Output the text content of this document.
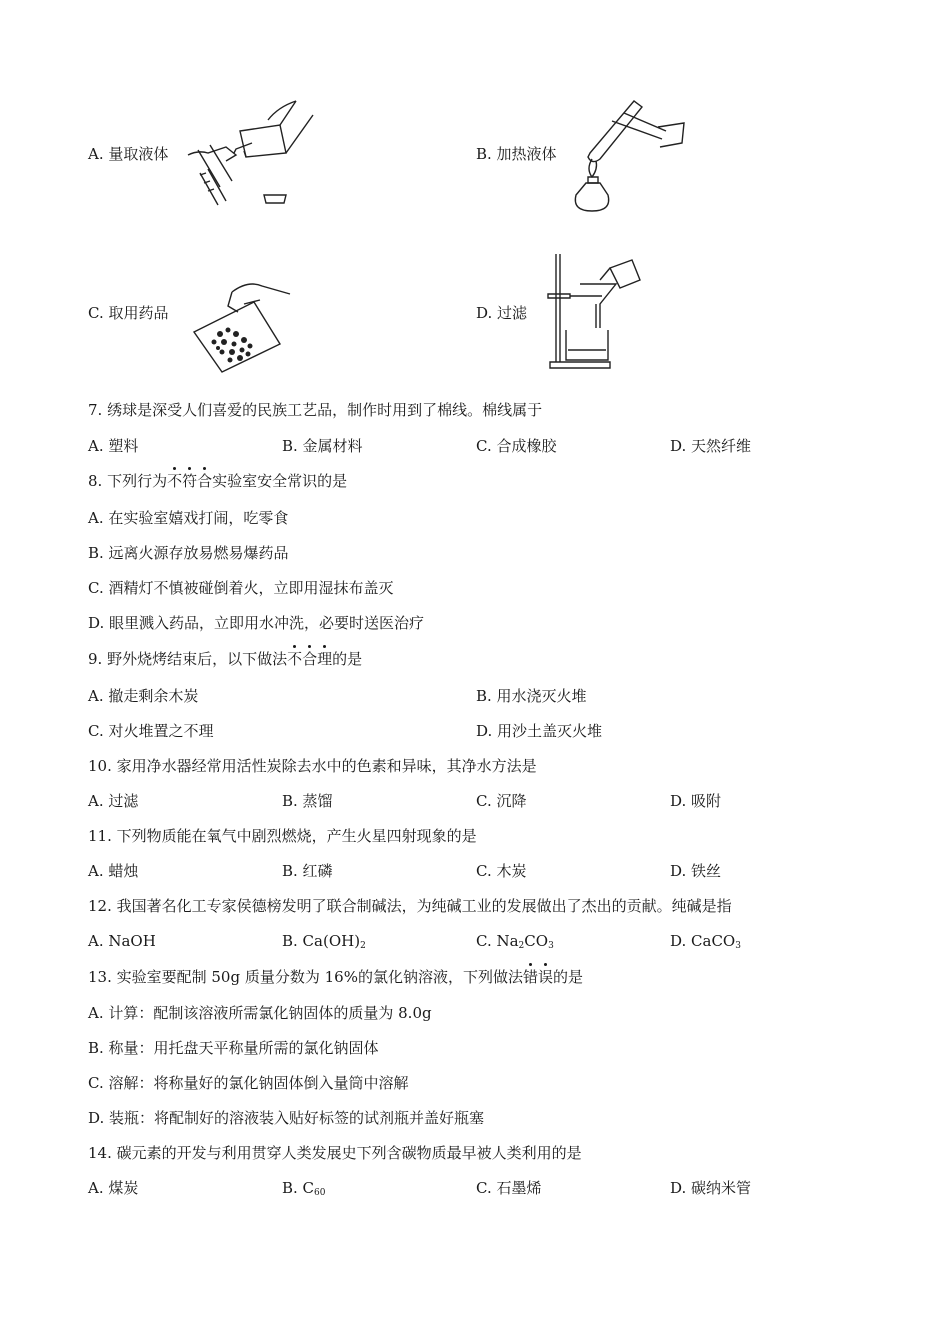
A. 量取液体	B. 加热液体
C. 取用药品	D. 过滤
7. 绣球是深受人们喜爱的民族工艺品，制作时用到了棉线。棉线属于
A. 塑料	B. 金属材料	C. 合成橡胶	D. 天然纤维
8. 下列行为不符合实验室安全常识的是
A. 在实验室嬉戏打闹，吃零食
B. 远离火源存放易燃易爆药品
C. 酒精灯不慎被碰倒着火，立即用湿抹布盖灭
D. 眼里溅入药品，立即用水冲洗，必要时送医治疗
9. 野外烧烤结束后，以下做法不合理的是
A. 撤走剩余木炭	B. 用水浇灭火堆
C. 对火堆置之不理	D. 用沙土盖灭火堆
10. 家用净水器经常用活性炭除去水中的色素和异味，其净水方法是
A. 过滤	B. 蒸馏	C. 沉降	D. 吸附
11. 下列物质能在氧气中剧烈燃烧，产生火星四射现象的是
A. 蜡烛	B. 红磷	C. 木炭	D. 铁丝
12. 我国著名化工专家侯德榜发明了联合制碱法，为纯碱工业的发展做出了杰出的贡献。纯碱是指
A. NaOH	B. $Ca(OH)_2$	C. $Na_2CO_3$	D. CaCO$_3$
13. 实验室要配制 50g 质量分数为 16%的氯化钠溶液，下列做法错误的是
A. 计算：配制该溶液所需氯化钠固体的质量为 8.0g
B. 称量：用托盘天平称量所需的氯化钠固体
C. 溶解：将称量好的氯化钠固体倒入量筒中溶解
D. 装瓶：将配制好的溶液装入贴好标签的试剂瓶并盖好瓶塞
14. 碳元素的开发与利用贯穿人类发展史下列含碳物质最早被人类利用的是
A. 煤炭	B. $C_{60}$	C. 石墨烯	D. 碳纳米管
